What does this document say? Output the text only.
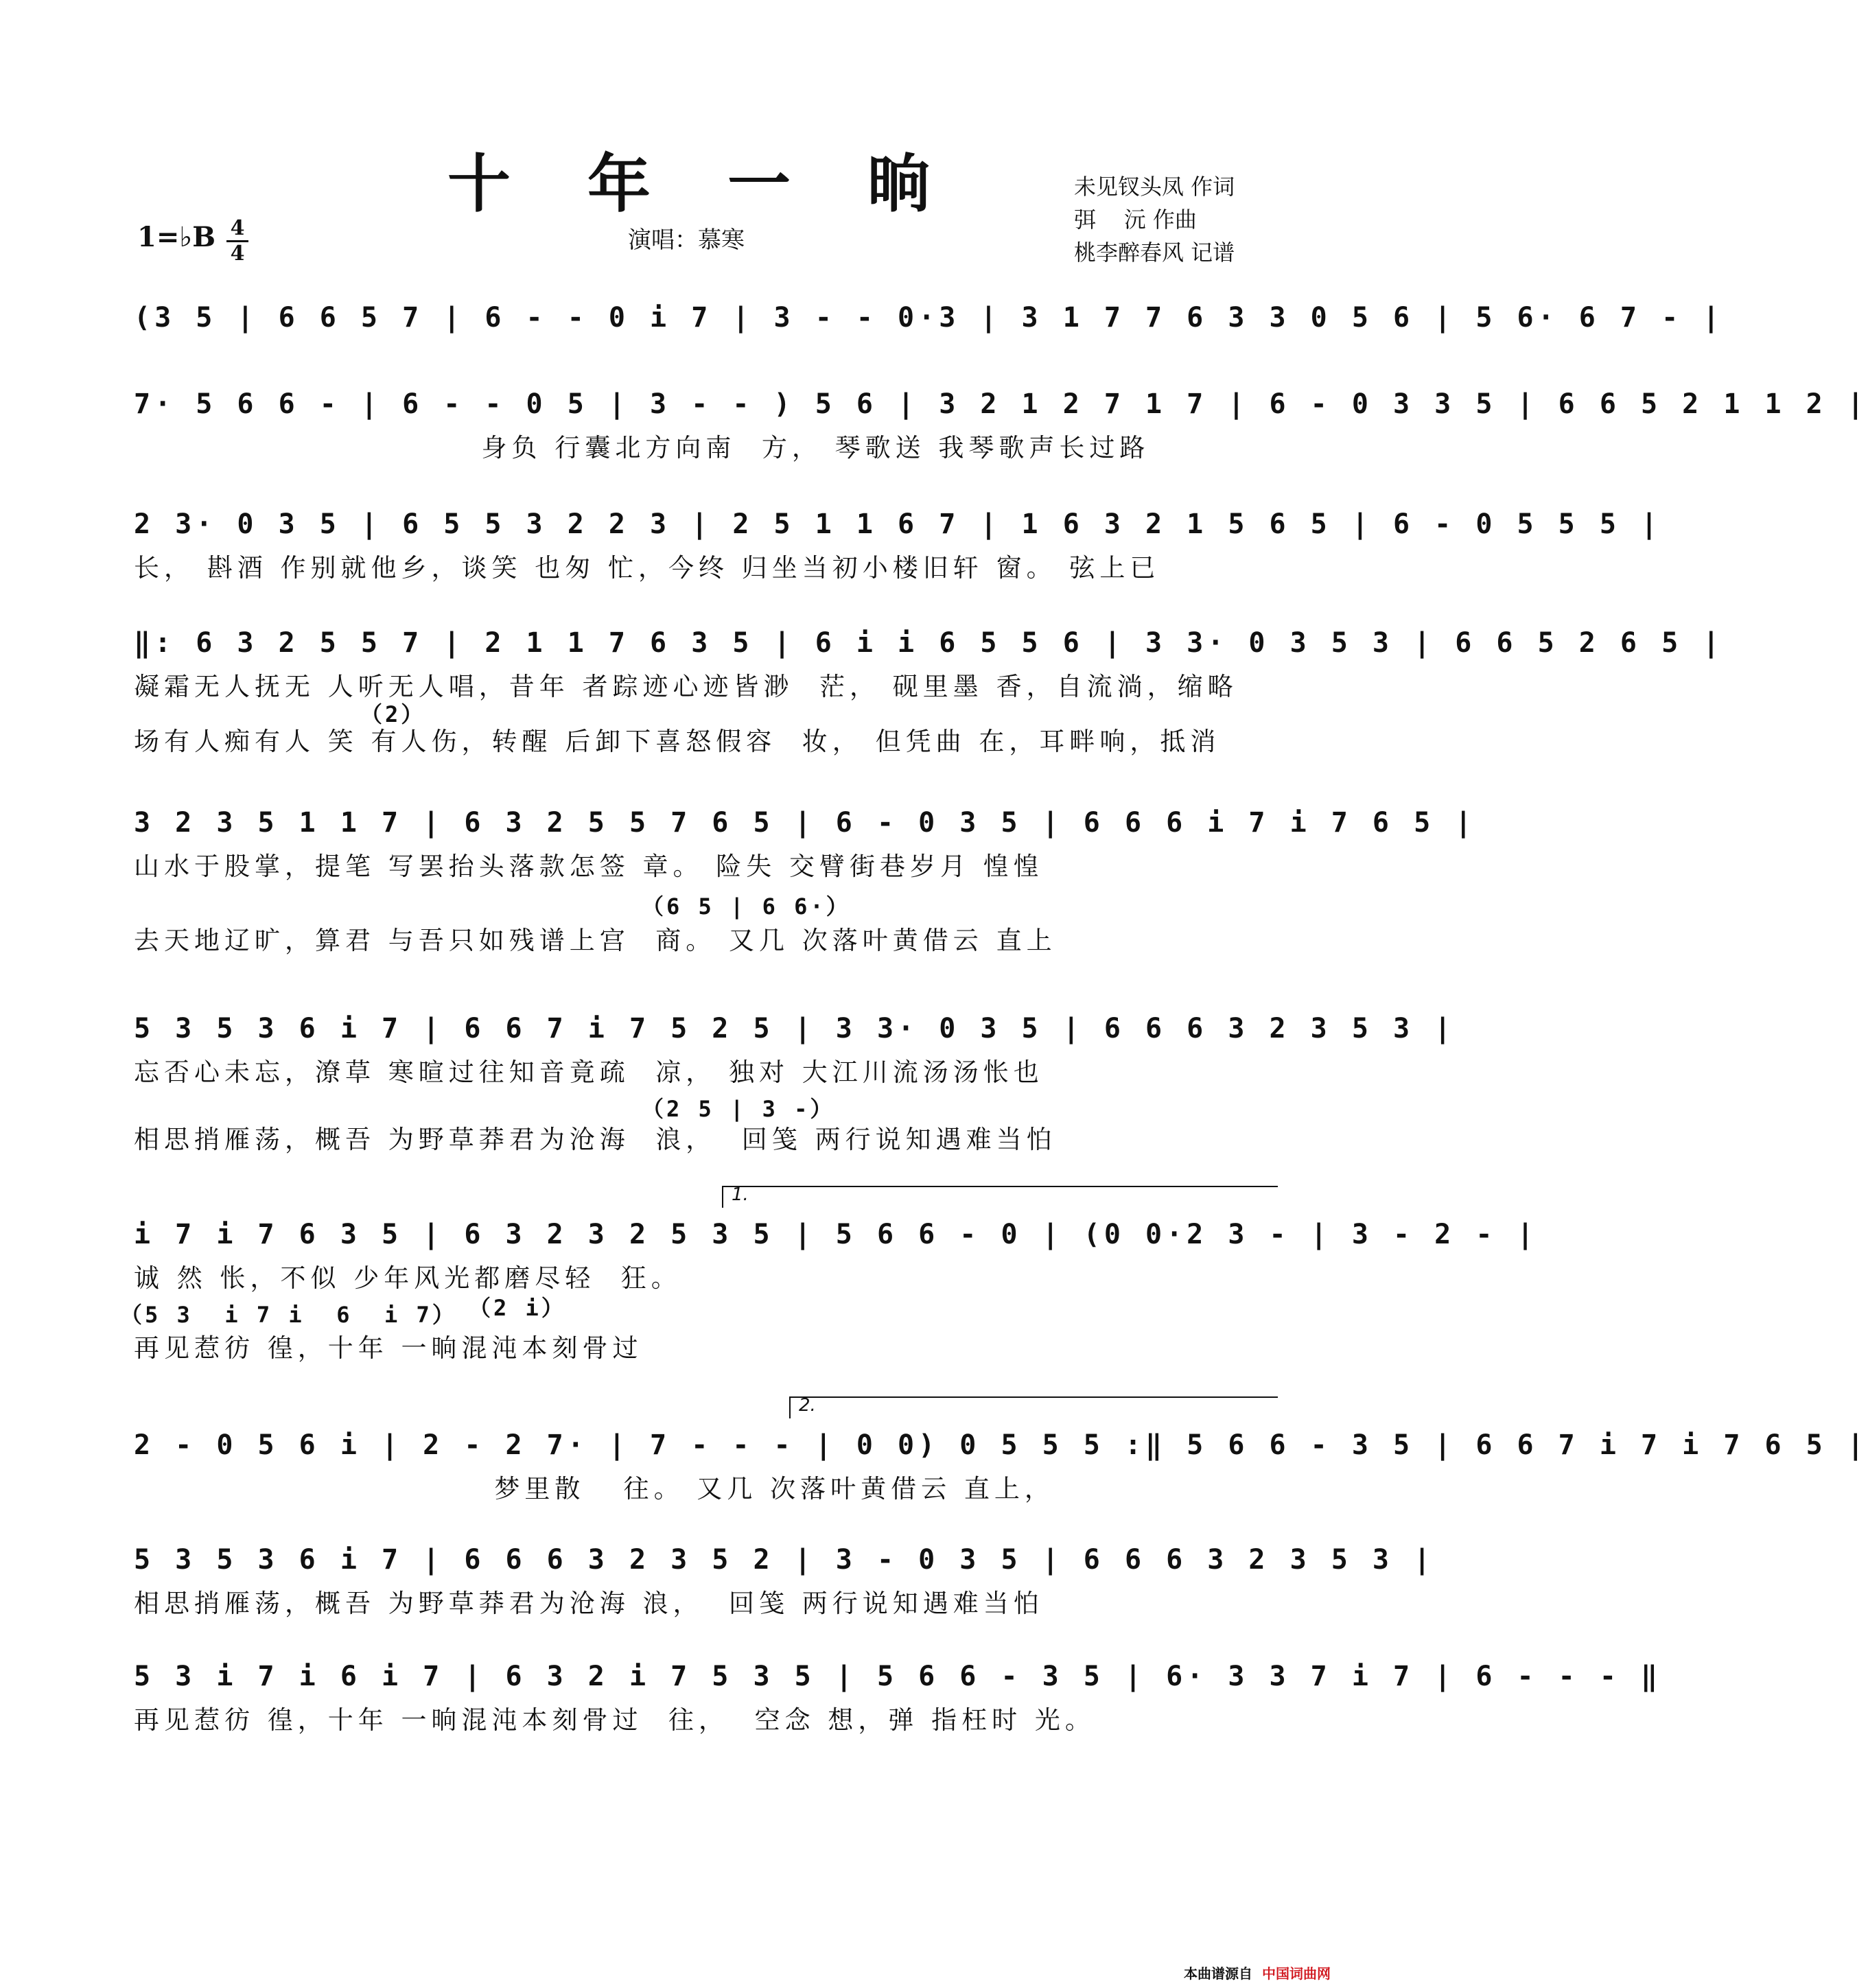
十 年 一 晌	未见钗头凤 作词
弭    沅 作曲
桃李醉春风 记谱
1=♭B 4
4	演唱：慕寒
(3 5 | 6 6 5 7 | 6 - - 0 i 7 | 3 - - 0·3 | 3 1 7 7 6 3 3 0 5 6 | 5 6· 6 7 - |
7· 5 6 6 - | 6 - - 0 5 | 3 - - ) 5 6 | 3 2 1 2 7 1 7 | 6 - 0 3 3 5 | 6 6 5 2 1 1 2 |
身负 行囊北方向南  方， 琴歌送 我琴歌声长过路
2 3· 0 3 5 | 6 5 5 3 2 2 3 | 2 5 1 1 6 7 | 1 6 3 2 1 5 6 5 | 6 - 0 5 5 5 |
长， 斟酒 作别就他乡，谈笑 也匆 忙，今终 归坐当初小楼旧轩 窗。 弦上已
‖: 6 3 2 5 5 7 | 2 1 1 7 6 3 5 | 6 i i 6 5 5 6 | 3 3· 0 3 5 3 | 6 6 5 2 6 5 |
凝霜无人抚无 人听无人唱，昔年 者踪迹心迹皆渺  茫， 砚里墨 香，自流淌，缩略
（2）
场有人痴有人 笑 有人伤，转醒 后卸下喜怒假容  妆， 但凭曲 在，耳畔响，抵消
3 2 3 5 1 1 7 | 6 3 2 5 5 7 6 5 | 6 - 0 3 5 | 6 6 6 i 7 i 7 6 5 |
山水于股掌，提笔 写罢抬头落款怎签 章。 险失 交臂街巷岁月 惶惶
（6 5 | 6 6·）
去天地辽旷，算君 与吾只如残谱上宫  商。 又几 次落叶黄借云 直上
5 3 5 3 6 i 7 | 6 6 7 i 7 5 2 5 | 3 3· 0 3 5 | 6 6 6 3 2 3 5 3 |
忘否心未忘，潦草 寒暄过往知音竟疏  凉， 独对 大江川流汤汤怅也
（2 5 | 3 -）
相思捎雁荡，概吾 为野草莽君为沧海  浪，  回笺 两行说知遇难当怕
1.
i 7 i 7 6 3 5 | 6 3 2 3 2 5 3 5 | 5 6 6 - 0 | (0 0·2 3 - | 3 - 2 - |
诚 然 怅，不似 少年风光都磨尽轻  狂。
（5 3  i 7 i  6  i 7） （2 i）
再见惹彷 徨，十年 一晌混沌本刻骨过
2.
2 - 0 5 6 i | 2 - 2 7· | 7 - - - | 0 0) 0 5 5 5 :‖ 5 6 6 - 3 5 | 6 6 7 i 7 i 7 6 5 |
梦里散   往。 又几 次落叶黄借云 直上，
5 3 5 3 6 i 7 | 6 6 6 3 2 3 5 2 | 3 - 0 3 5 | 6 6 6 3 2 3 5 3 |
相思捎雁荡，概吾 为野草莽君为沧海 浪，  回笺 两行说知遇难当怕
5 3 i 7 i 6 i 7 | 6 3 2 i 7 5 3 5 | 5 6 6 - 3 5 | 6· 3 3 7 i 7 | 6 - - - ‖
再见惹彷 徨，十年 一晌混沌本刻骨过  往，  空念 想，弹 指枉时 光。
本曲谱源自 中国词曲网
